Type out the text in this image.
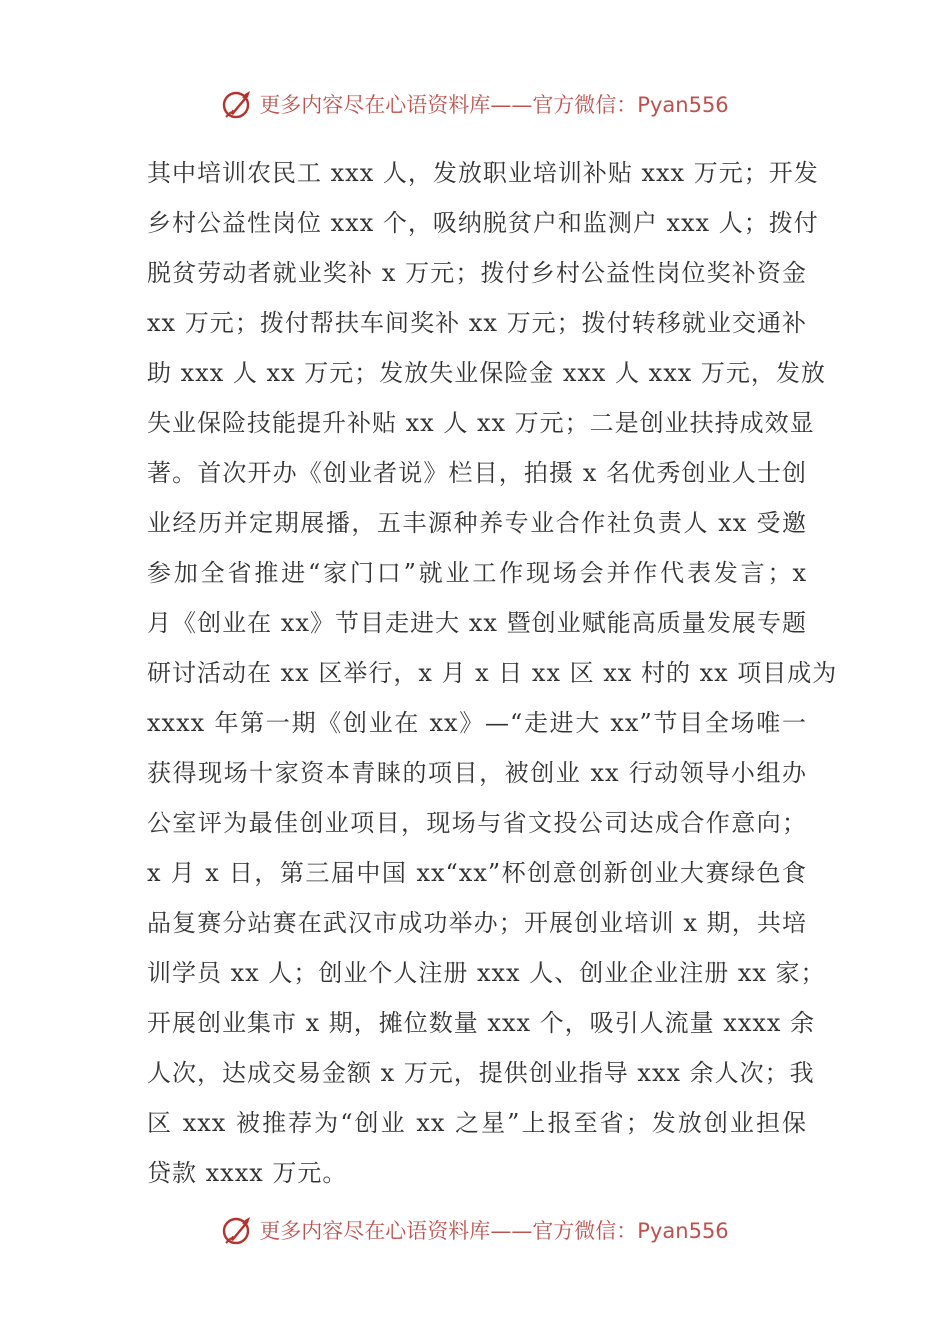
更多内容尽在心语资料库——官方微信：Pyan556
其中培训农民工 xxx 人，发放职业培训补贴 xxx 万元；开发
乡村公益性岗位 xxx 个，吸纳脱贫户和监测户 xxx 人；拨付
脱贫劳动者就业奖补 x 万元；拨付乡村公益性岗位奖补资金
xx 万元；拨付帮扶车间奖补 xx 万元；拨付转移就业交通补
助 xxx 人 xx 万元；发放失业保险金 xxx 人 xxx 万元，发放
失业保险技能提升补贴 xx 人 xx 万元；二是创业扶持成效显
著。首次开办《创业者说》栏目，拍摄 x 名优秀创业人士创
业经历并定期展播，五丰源种养专业合作社负责人 xx 受邀
参加全省推进“家门口”就业工作现场会并作代表发言；x
月《创业在 xx》节目走进大 xx 暨创业赋能高质量发展专题
研讨活动在 xx 区举行，x 月 x 日 xx 区 xx 村的 xx 项目成为
xxxx 年第一期《创业在 xx》—“走进大 xx”节目全场唯一
获得现场十家资本青睐的项目，被创业 xx 行动领导小组办
公室评为最佳创业项目，现场与省文投公司达成合作意向；
x 月 x 日，第三届中国 xx“xx”杯创意创新创业大赛绿色食
品复赛分站赛在武汉市成功举办；开展创业培训 x 期，共培
训学员 xx 人；创业个人注册 xxx 人、创业企业注册 xx 家；
开展创业集市 x 期，摊位数量 xxx 个，吸引人流量 xxxx 余
人次，达成交易金额 x 万元，提供创业指导 xxx 余人次；我
区 xxx 被推荐为“创业 xx 之星”上报至省；发放创业担保
贷款 xxxx 万元。
更多内容尽在心语资料库——官方微信：Pyan556
